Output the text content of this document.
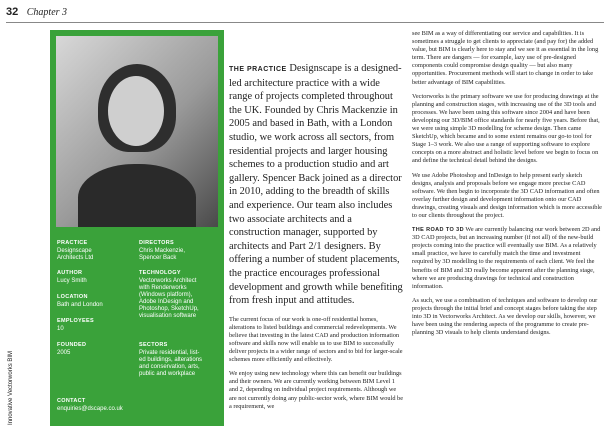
32 Chapter 3
Innovative Vectorworks BIM
PRACTICE
Designscape
Architects Ltd
AUTHOR
Lucy Smith
LOCATION
Bath and London
EMPLOYEES
10
FOUNDED
2005
CONTACT
enquiries@dscape.co.uk
DIRECTORS
Chris Mackenzie,
Spencer Back
TECHNOLOGY
Vectorworks Architect
with Renderworks
(Windows platform),
Adobe InDesign and
Photoshop, SketchUp,
visualisation software
SECTORS
Private residential, list-
ed buildings, alterations
and conservation, arts,
public and workplace
THE PRACTICE Designscape is a designed-led architecture practice with a wide range of projects completed throughout the UK. Founded by Chris Mackenzie in 2005 and based in Bath, with a London studio, we work across all sectors, from residential projects and larger housing schemes to a production studio and art gallery. Spencer Back joined as a director in 2010, adding to the breadth of skills and experience. Our team also includes two associate architects and a construction manager, supported by architects and Part 2/1 designers. By offering a number of student placements, the practice encourages professional development and growth while benefiting from fresh input and attitudes.

The current focus of our work is one-off residential homes, alterations to listed buildings and commercial redevelopments. We believe that investing in the latest CAD and production information software and skills now will enable us to use BIM to successfully deliver projects in a wider range of sectors and to bid for larger-scale schemes more efficiently and effectively.

We enjoy using new technology where this can benefit our buildings and their owners. We are currently working between BIM Level 1 and 2, depending on individual project requirements. Although we are not currently doing any public-sector work, where BIM would be a requirement, we

see BIM as a way of differentiating our service and capabilities. It is sometimes a struggle to get clients to appreciate (and pay for) the added value, but BIM is clearly here to stay and we see it as essential in the long term. There are dangers — for example, lazy use of pre-designed components could compromise design quality — but also many opportunities. Procurement methods will start to change in order to take better advantage of BIM capabilities.

Vectorworks is the primary software we use for producing drawings at the planning and construction stages, with increasing use of the 3D tools and processes. We have been using this software since 2004 and have been developing our 3D/BIM office standards for nearly five years. Before that, we were using simple 3D modelling for scheme design. Then came SketchUp, which became and to some extent remains our go-to tool for Stage 1–3 work. We also use a range of supporting software to explore concepts on a more abstract and holistic level before we begin to focus on and define the technical detail behind the designs.

We use Adobe Photoshop and InDesign to help present early sketch designs, analysis and proposals before we engage more precise CAD software. We then begin to incorporate the 3D CAD information and often overlay further design and development information onto our CAD drawings, creating visuals and design information which is more accessible to our clients throughout the project.

THE ROAD TO 3D We are currently balancing our work between 2D and 3D CAD projects, but an increasing number (if not all) of the new-build projects coming into the practice will eventually use BIM. As a relatively small practice, we have to carefully match the time and investment required by 3D modelling to the requirements of each client. We feel the benefits of BIM and 3D really become apparent after the planning stage, where we are producing drawings for technical and construction information.

As such, we use a combination of techniques and software to develop our projects through the initial brief and concept stages before taking the step into 3D in Vectorworks Architect. As we develop our skills, however, we have been using the rendering aspects of the programme to create pre-planning 3D visuals to help clients understand designs.
